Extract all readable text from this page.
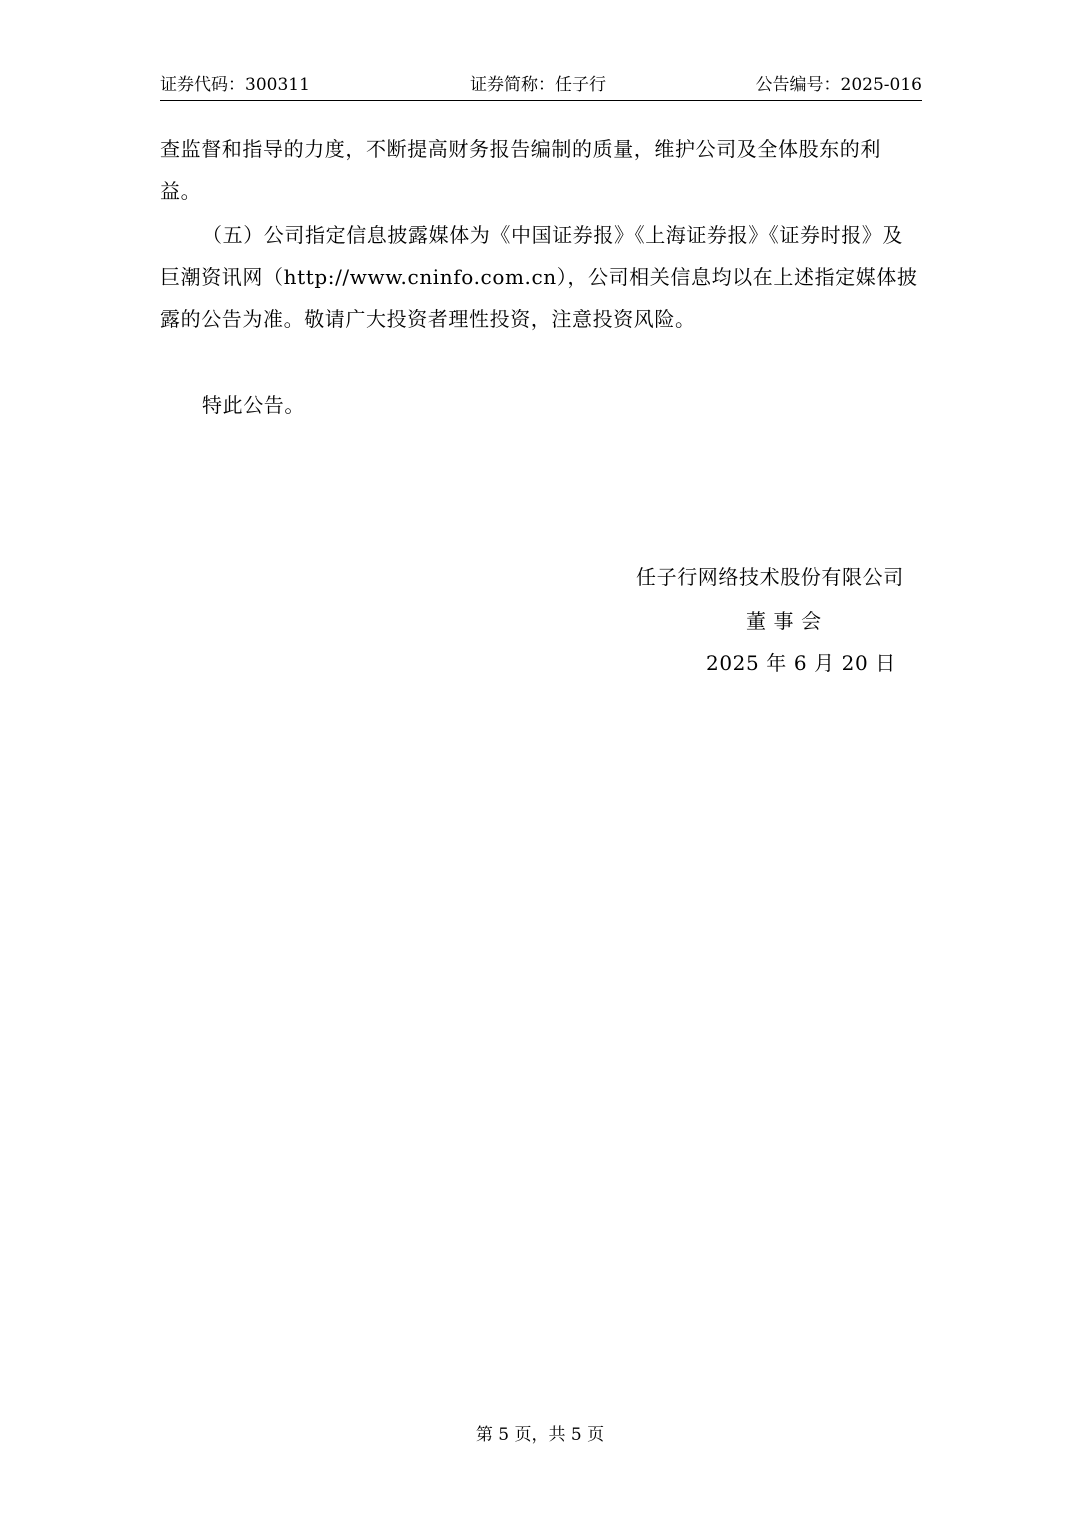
证券代码：300311	证券简称：任子行	公告编号：2025-016

查监督和指导的力度，不断提高财务报告编制的质量，维护公司及全体股东的利益。

（五）公司指定信息披露媒体为《中国证券报》《上海证券报》《证券时报》及巨潮资讯网（http://www.cninfo.com.cn），公司相关信息均以在上述指定媒体披露的公告为准。敬请广大投资者理性投资，注意投资风险。

特此公告。

任子行网络技术股份有限公司
董 事 会
2025 年 6 月 20 日
第 5 页，共 5 页
